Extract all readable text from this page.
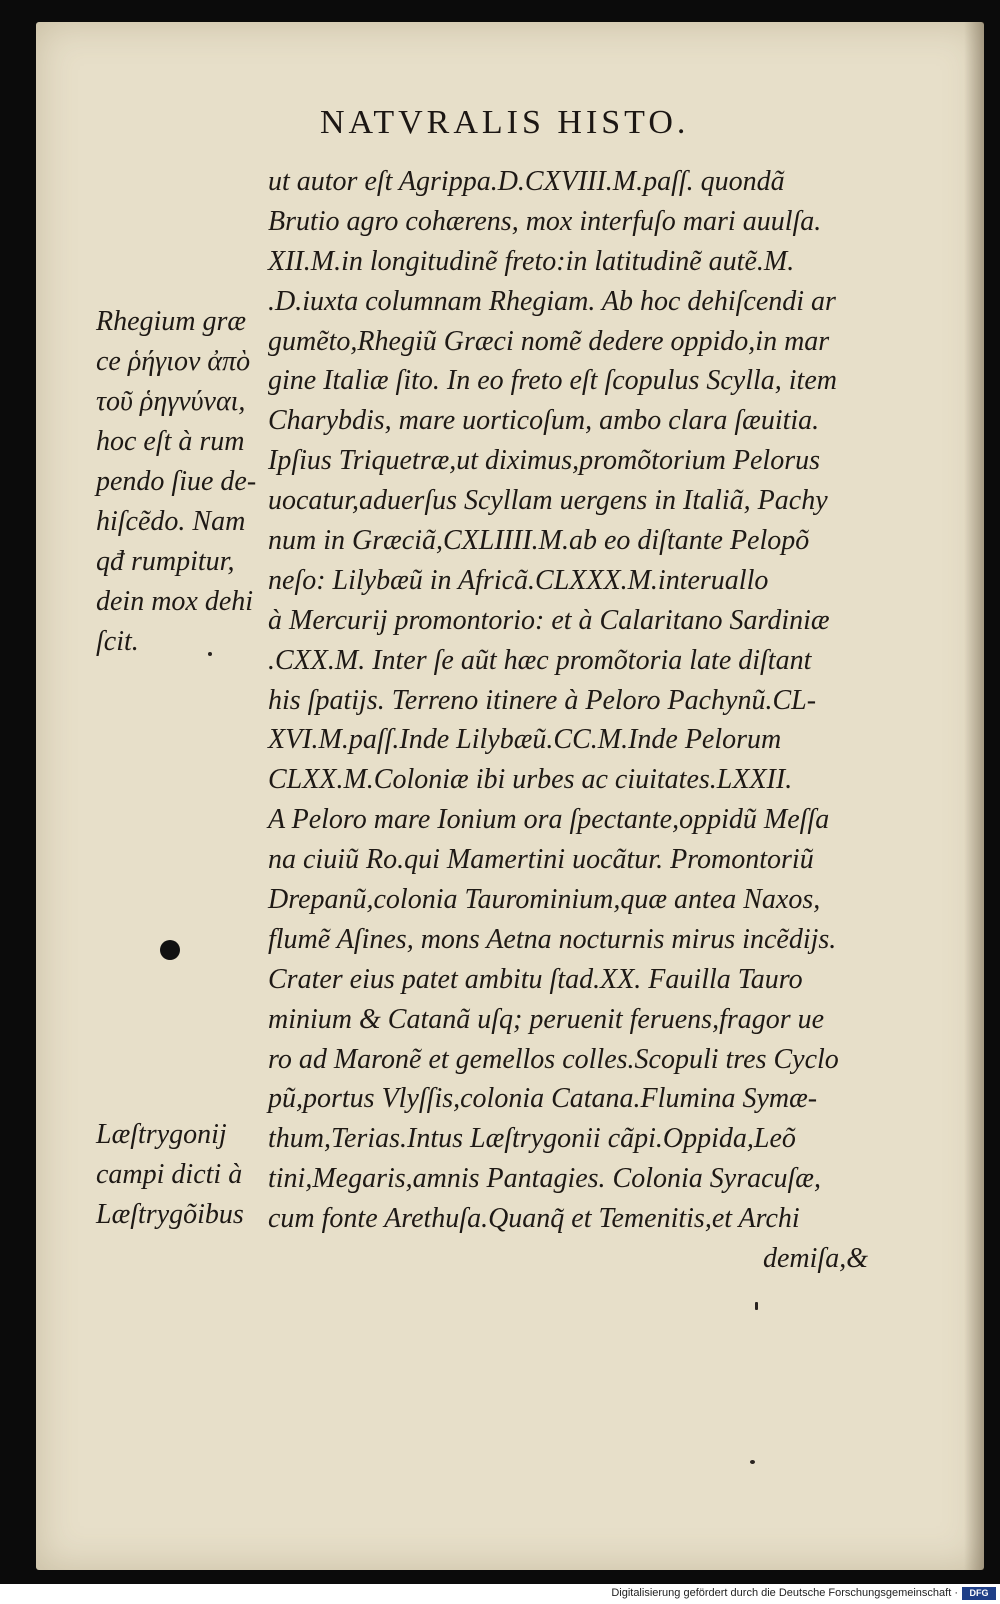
NATVRALIS HISTO.
ut autor eſt Agrippa.D.CXVIII.M.paſſ. quondã
Brutio agro cohærens, mox interfuſo mari auulſa.
XII.M.in longitudinẽ freto:in latitudinẽ autẽ.M.
.D.iuxta columnam Rhegiam. Ab hoc dehiſcendi ar
gumẽto,Rhegiũ Græci nomẽ dedere oppido,in mar
gine Italiæ ſito. In eo freto eſt ſcopulus Scylla, item
Charybdis, mare uorticoſum, ambo clara ſæuitia.
Ipſius Triquetræ,ut diximus,promõtorium Pelorus
uocatur,aduerſus Scyllam uergens in Italiã, Pachy
num in Græciã,CXLIIII.M.ab eo diſtante Pelopõ
neſo: Lilybæũ in Africã.CLXXX.M.interuallo
à Mercurij promontorio: et à Calaritano Sardiniæ
.CXX.M. Inter ſe aũt hæc promõtoria late diſtant
his ſpatijs. Terreno itinere à Peloro Pachynũ.CL-
XVI.M.paſſ.Inde Lilybæũ.CC.M.Inde Pelorum
CLXX.M.Coloniæ ibi urbes ac ciuitates.LXXII.
A Peloro mare Ionium ora ſpectante,oppidũ Meſſa
na ciuiũ Ro.qui Mamertini uocãtur. Promontoriũ
Drepanũ,colonia Taurominium,quæ antea Naxos,
flumẽ Aſines, mons Aetna nocturnis mirus incẽdijs.
Crater eius patet ambitu ſtad.XX. Fauilla Tauro
minium & Catanã uſq; peruenit feruens,fragor ue
ro ad Maronẽ et gemellos colles.Scopuli tres Cyclo
pũ,portus Vlyſſis,colonia Catana.Flumina Symæ-
thum,Terias.Intus Læſtrygonii cãpi.Oppida,Leõ
tini,Megaris,amnis Pantagies. Colonia Syracuſæ,
cum fonte Arethuſa.Quanq̃ et Temenitis,et Archi
demiſa,&
Rhegium græ
ce ῥήγιον ἀπὸ
τοῦ ῥηγνύναι,
hoc eſt à rum
pendo ſiue de-
hiſcẽdo. Nam
qđ rumpitur,
dein mox dehi
ſcit.
Læſtrygonij
campi dicti à
Læſtrygõibus
Digitalisierung gefördert durch die Deutsche Forschungsgemeinschaft ·	DFG
